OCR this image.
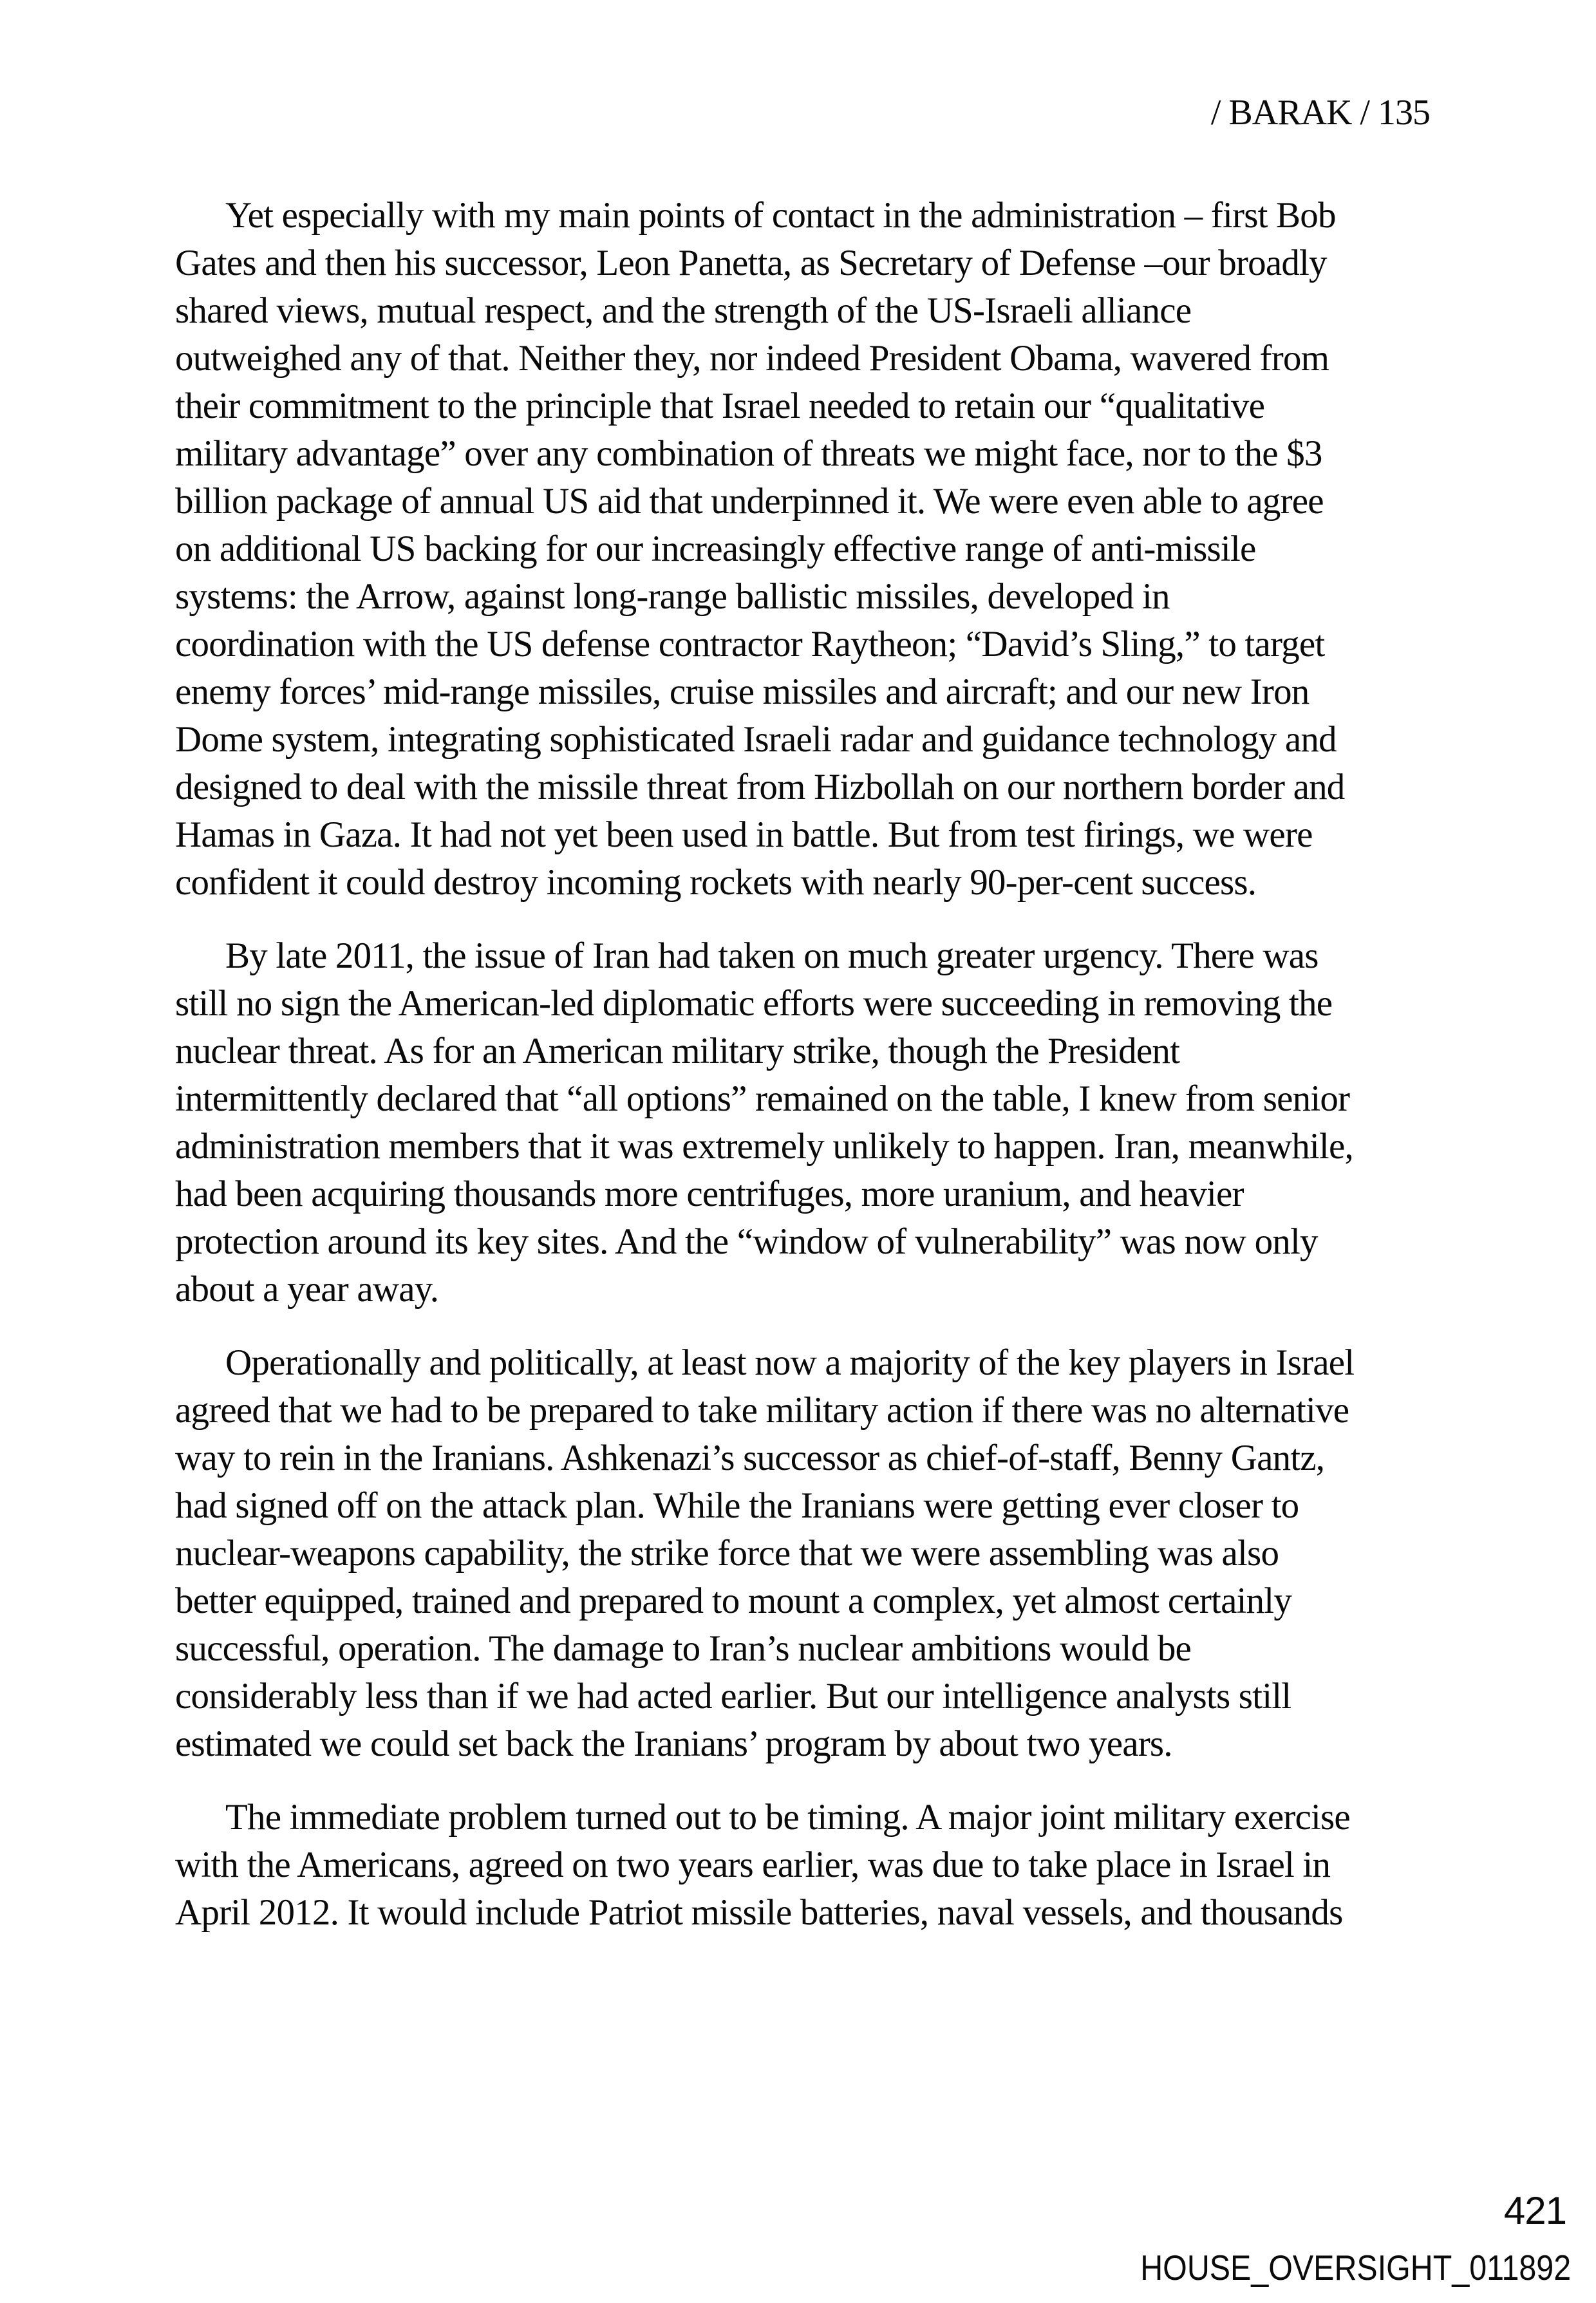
/ BARAK / 135
Yet especially with my main points of contact in the administration – first Bob
Gates and then his successor, Leon Panetta, as Secretary of Defense –our broadly
shared views, mutual respect, and the strength of the US-Israeli alliance
outweighed any of that. Neither they, nor indeed President Obama, wavered from
their commitment to the principle that Israel needed to retain our “qualitative
military advantage” over any combination of threats we might face, nor to the $3
billion package of annual US aid that underpinned it. We were even able to agree
on additional US backing for our increasingly effective range of anti-missile
systems: the Arrow, against long-range ballistic missiles, developed in
coordination with the US defense contractor Raytheon; “David’s Sling,” to target
enemy forces’ mid-range missiles, cruise missiles and aircraft; and our new Iron
Dome system, integrating sophisticated Israeli radar and guidance technology and
designed to deal with the missile threat from Hizbollah on our northern border and
Hamas in Gaza. It had not yet been used in battle. But from test firings, we were
confident it could destroy incoming rockets with nearly 90-per-cent success.
By late 2011, the issue of Iran had taken on much greater urgency. There was
still no sign the American-led diplomatic efforts were succeeding in removing the
nuclear threat. As for an American military strike, though the President
intermittently declared that “all options” remained on the table, I knew from senior
administration members that it was extremely unlikely to happen. Iran, meanwhile,
had been acquiring thousands more centrifuges, more uranium, and heavier
protection around its key sites. And the “window of vulnerability” was now only
about a year away.
Operationally and politically, at least now a majority of the key players in Israel
agreed that we had to be prepared to take military action if there was no alternative
way to rein in the Iranians. Ashkenazi’s successor as chief-of-staff, Benny Gantz,
had signed off on the attack plan. While the Iranians were getting ever closer to
nuclear-weapons capability, the strike force that we were assembling was also
better equipped, trained and prepared to mount a complex, yet almost certainly
successful, operation. The damage to Iran’s nuclear ambitions would be
considerably less than if we had acted earlier. But our intelligence analysts still
estimated we could set back the Iranians’ program by about two years.
The immediate problem turned out to be timing. A major joint military exercise
with the Americans, agreed on two years earlier, was due to take place in Israel in
April 2012. It would include Patriot missile batteries, naval vessels, and thousands
421
HOUSE_OVERSIGHT_011892
